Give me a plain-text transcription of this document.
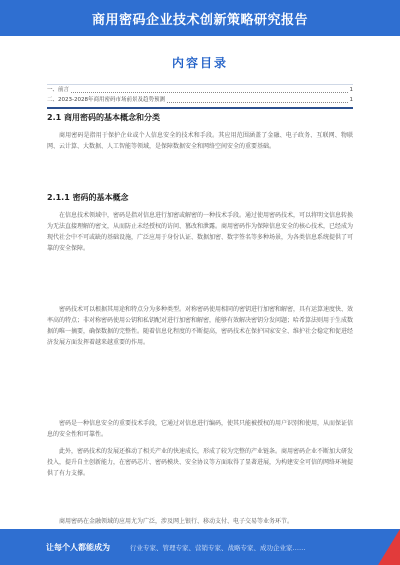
商用密码企业技术创新策略研究报告
内容目录
一、前言	1
二、2023-2028年商用密码市场前景及趋势预测	1
2.1 商用密码的基本概念和分类
商用密码是指用于保护企业或个人信息安全的技术和手段。其应用范围涵盖了金融、电子政务、互联网、物联网、云计算、大数据、人工智能等领域，是保障数据安全和网络空间安全的重要基础。
2.1.1 密码的基本概念
在信息技术领域中，密码是指对信息进行加密或解密的一种技术手段。通过使用密码技术，可以将明文信息转换为无法直接理解的密文，从而防止未经授权的访问、篡改和泄露。商用密码作为保障信息安全的核心技术，已经成为现代社会中不可或缺的基础设施，广泛应用于身份认证、数据加密、数字签名等多种场景，为各类信息系统提供了可靠的安全保障。
密码技术可以根据其用途和特点分为多种类型。对称密码使用相同的密钥进行加密和解密，具有运算速度快、效率高的特点；非对称密码使用公钥和私钥配对进行加密和解密，能够有效解决密钥分发问题；哈希算法则用于生成数据的唯一摘要，确保数据的完整性。随着信息化程度的不断提高，密码技术在保护国家安全、维护社会稳定和促进经济发展方面发挥着越来越重要的作用。
密码是一种信息安全的重要技术手段，它通过对信息进行编码，使其只能被授权的用户识别和使用，从而保证信息的安全性和可靠性。
此外，密码技术的发展还推动了相关产业的快速成长，形成了较为完整的产业链条。商用密码企业不断加大研发投入，提升自主创新能力，在密码芯片、密码模块、安全协议等方面取得了显著进展，为构建安全可信的网络环境提供了有力支撑。
商用密码在金融领域的应用尤为广泛，涉及网上银行、移动支付、电子交易等业务环节。
让每个人都能成为	行业专家、管理专家、营销专家、战略专家、成功企业家……
